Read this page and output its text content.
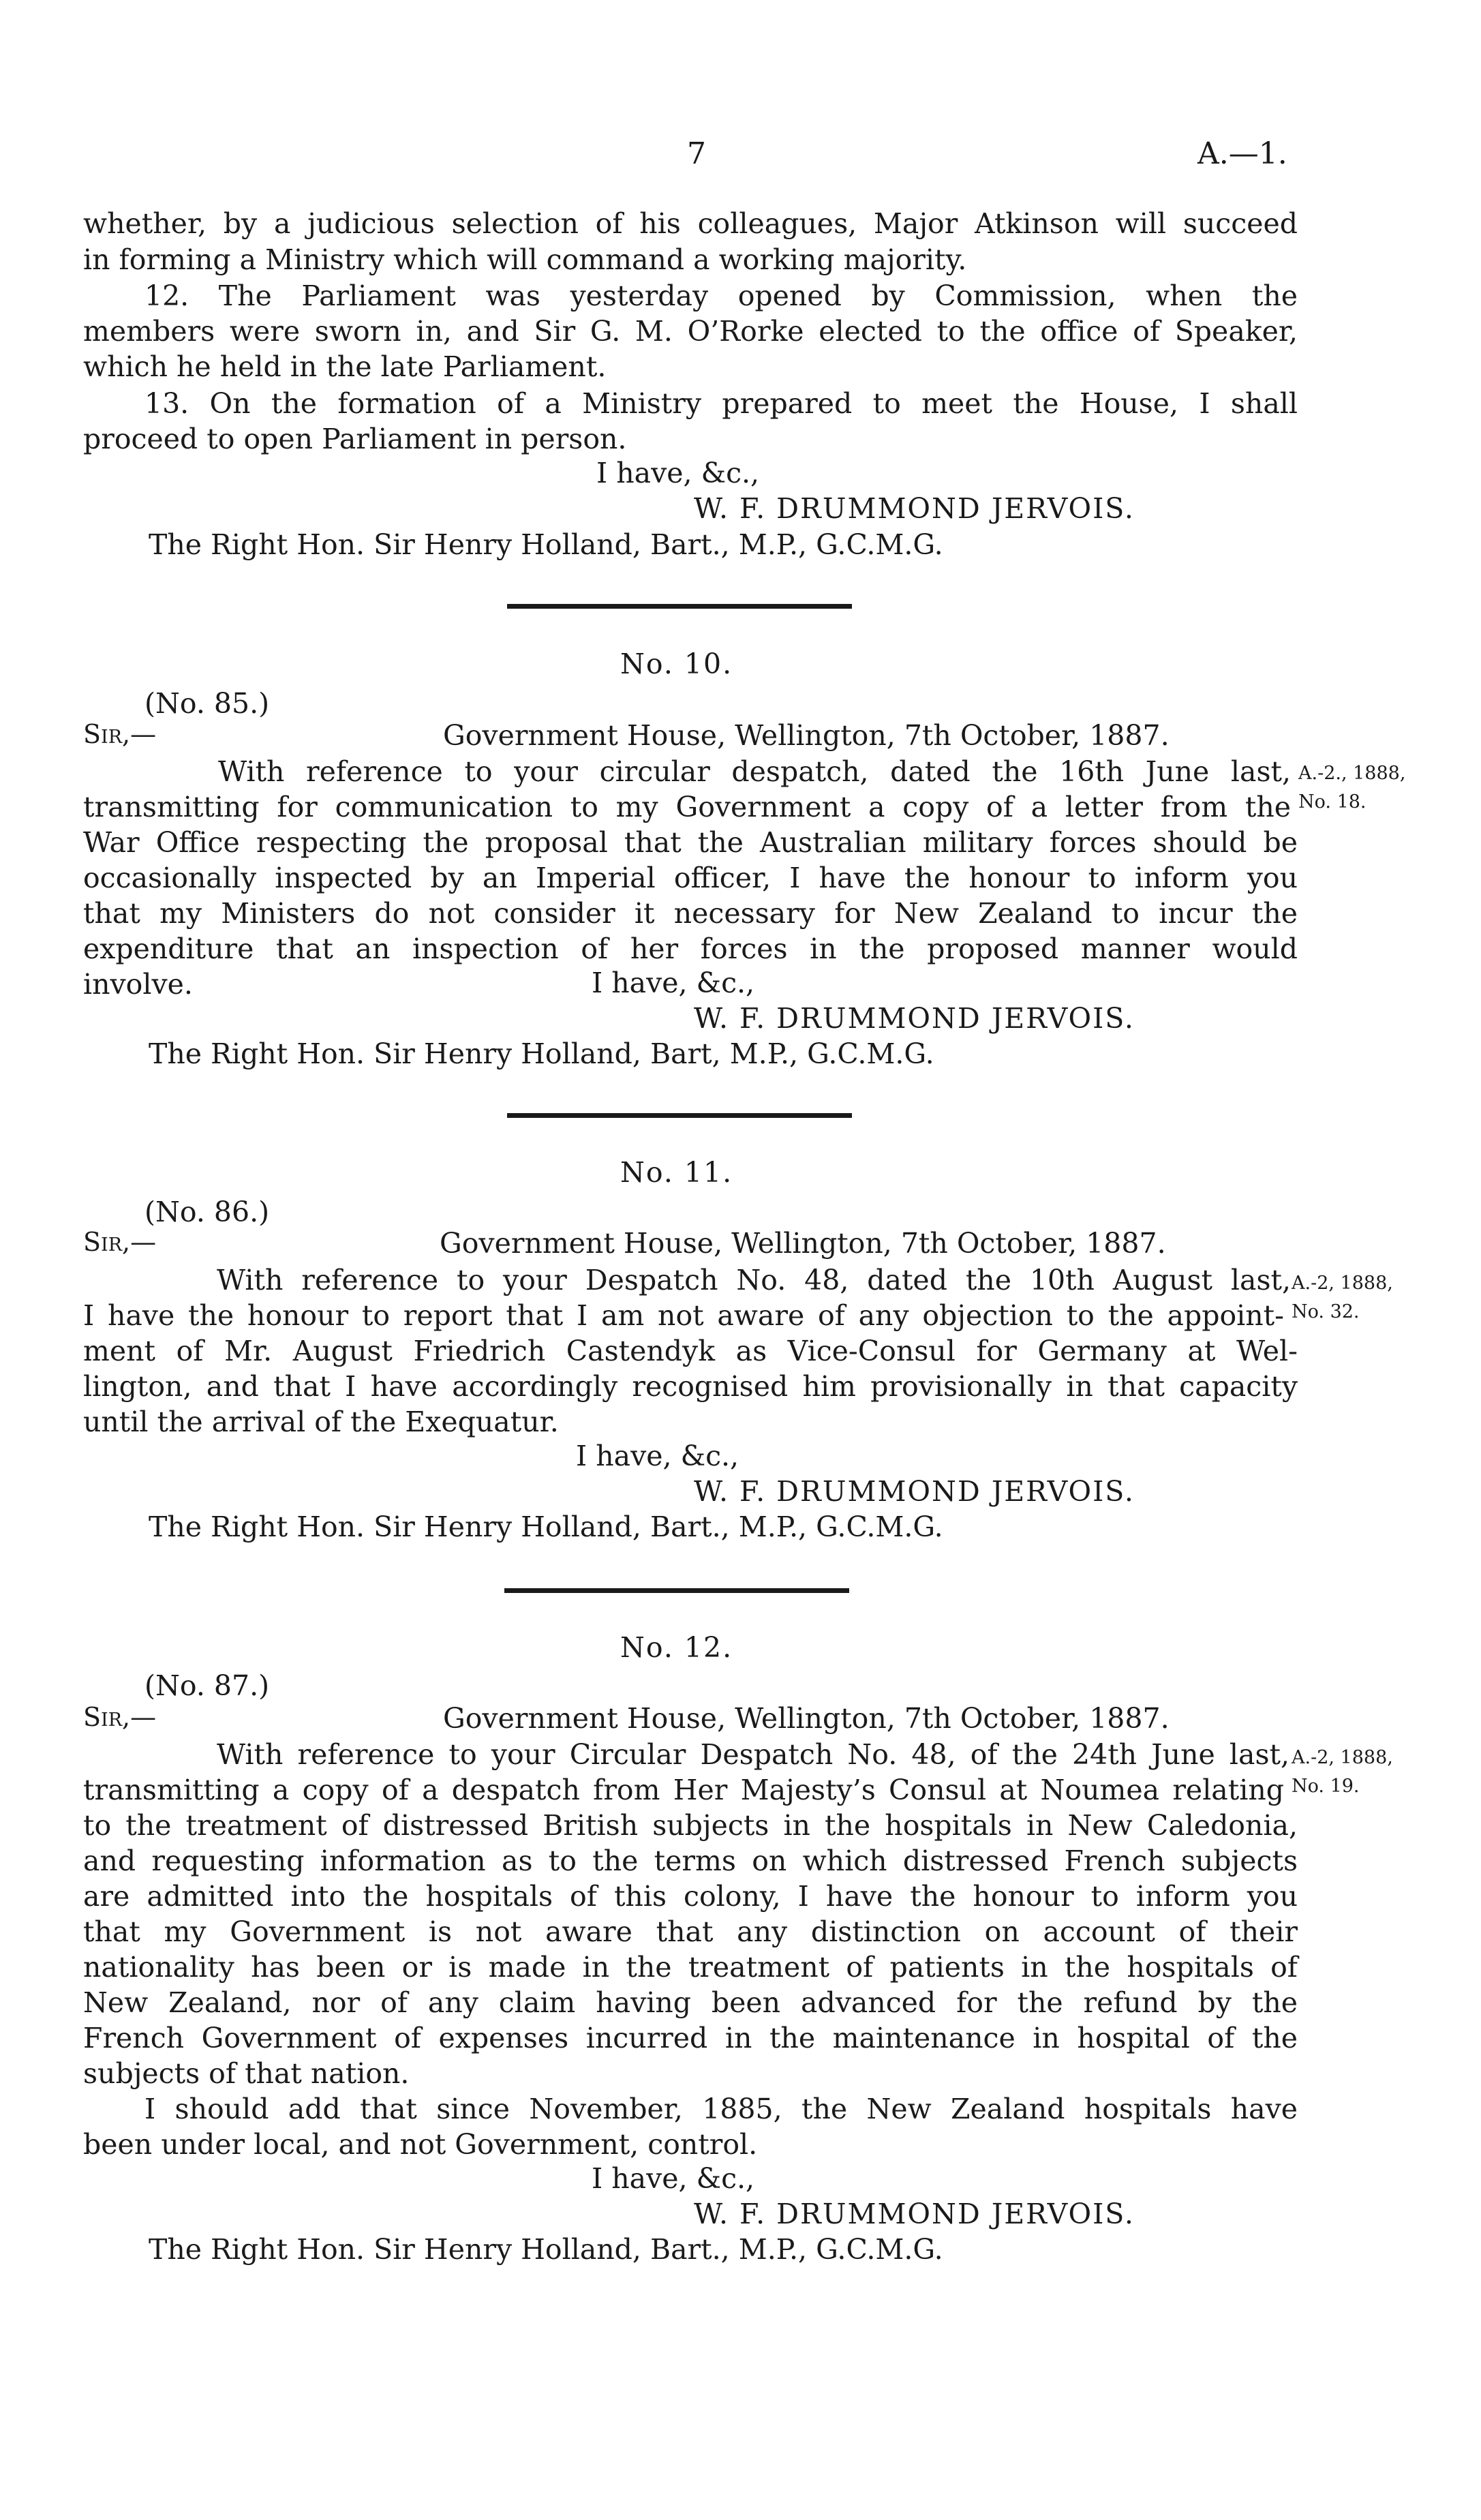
7	A.—1.
whether, by a judicious selection of his colleagues, Major Atkinson will succeed
in forming a Ministry which will command a working majority.
12. The Parliament was yesterday opened by Commission, when the
members were sworn in, and Sir G. M. O’Rorke elected to the office of Speaker,
which he held in the late Parliament.
13. On the formation of a Ministry prepared to meet the House, I shall
proceed to open Parliament in person.
I have, &c.,
W. F. DRUMMOND JERVOIS.
The Right Hon. Sir Henry Holland, Bart., M.P., G.C.M.G.
No. 10.
(No. 85.)
Sir,—	Government House, Wellington, 7th October, 1887.
With reference to your circular despatch, dated the 16th June last,
transmitting for communication to my Government a copy of a letter from the
War Office respecting the proposal that the Australian military forces should be
occasionally inspected by an Imperial officer, I have the honour to inform you
that my Ministers do not consider it necessary for New Zealand to incur the
expenditure that an inspection of her forces in the proposed manner would
involve.	I have, &c.,
W. F. DRUMMOND JERVOIS.
The Right Hon. Sir Henry Holland, Bart, M.P., G.C.M.G.
A.-2., 1888,
No. 18.
No. 11.
(No. 86.)
Sir,—	Government House, Wellington, 7th October, 1887.
With reference to your Despatch No. 48, dated the 10th August last,
I have the honour to report that I am not aware of any objection to the appoint-
ment of Mr. August Friedrich Castendyk as Vice-Consul for Germany at Wel-
lington, and that I have accordingly recognised him provisionally in that capacity
until the arrival of the Exequatur.
I have, &c.,
W. F. DRUMMOND JERVOIS.
The Right Hon. Sir Henry Holland, Bart., M.P., G.C.M.G.
A.-2, 1888,
No. 32.
No. 12.
(No. 87.)
Sir,—	Government House, Wellington, 7th October, 1887.
With reference to your Circular Despatch No. 48, of the 24th June last,
transmitting a copy of a despatch from Her Majesty’s Consul at Noumea relating
to the treatment of distressed British subjects in the hospitals in New Caledonia,
and requesting information as to the terms on which distressed French subjects
are admitted into the hospitals of this colony, I have the honour to inform you
that my Government is not aware that any distinction on account of their
nationality has been or is made in the treatment of patients in the hospitals of
New Zealand, nor of any claim having been advanced for the refund by the
French Government of expenses incurred in the maintenance in hospital of the
subjects of that nation.
I should add that since November, 1885, the New Zealand hospitals have
been under local, and not Government, control.
I have, &c.,
W. F. DRUMMOND JERVOIS.
The Right Hon. Sir Henry Holland, Bart., M.P., G.C.M.G.
A.-2, 1888,
No. 19.
